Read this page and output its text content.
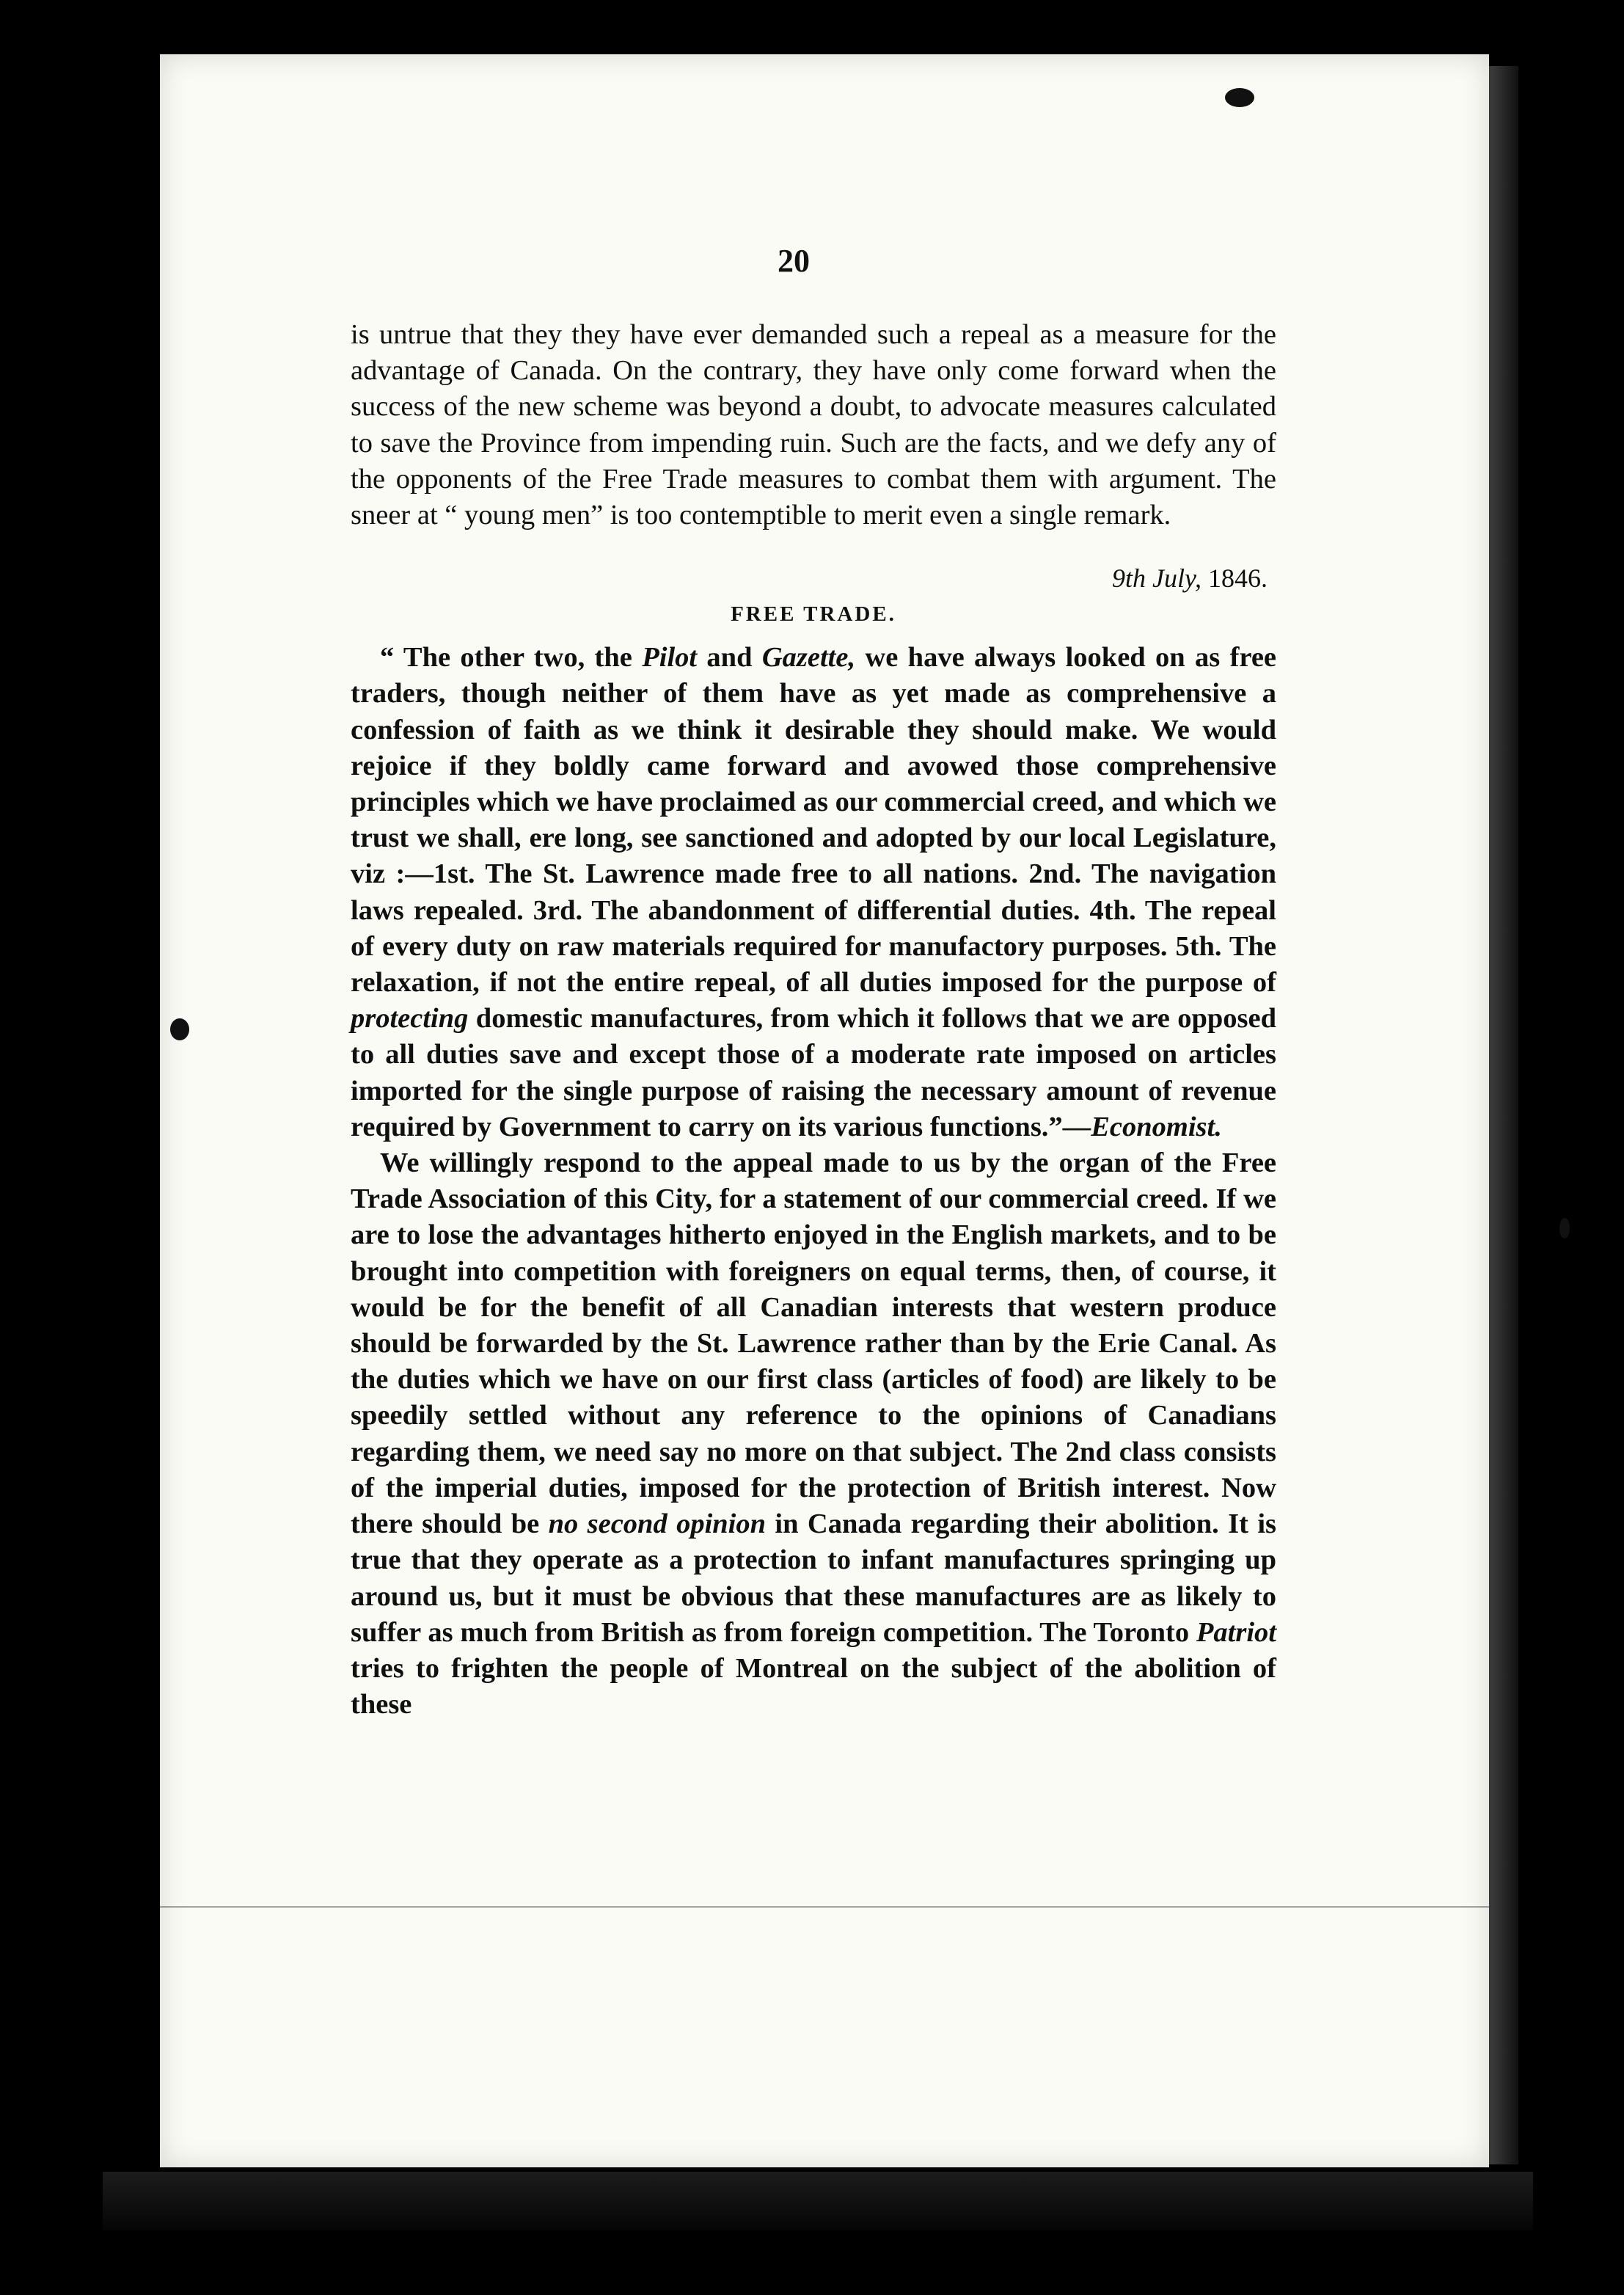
20

is untrue that they they have ever demanded such a repeal as a measure for the advantage of Canada. On the contrary, they have only come forward when the success of the new scheme was beyond a doubt, to advocate measures calculated to save the Province from impending ruin. Such are the facts, and we defy any of the opponents of the Free Trade measures to combat them with argument. The sneer at “ young men” is too contemptible to merit even a single remark.

9th July, 1846.
FREE TRADE.

“ The other two, the Pilot and Gazette, we have always looked on as free traders, though neither of them have as yet made as comprehensive a confession of faith as we think it desirable they should make. We would rejoice if they boldly came forward and avowed those comprehensive principles which we have proclaimed as our commercial creed, and which we trust we shall, ere long, see sanctioned and adopted by our local Legislature, viz :—1st. The St. Lawrence made free to all nations. 2nd. The navigation laws repealed. 3rd. The abandonment of differential duties. 4th. The repeal of every duty on raw materials required for manufactory purposes. 5th. The relaxation, if not the entire repeal, of all duties imposed for the purpose of protecting domestic manufactures, from which it follows that we are opposed to all duties save and except those of a moderate rate imposed on articles imported for the single purpose of raising the necessary amount of revenue required by Government to carry on its various functions.”—Economist.

We willingly respond to the appeal made to us by the organ of the Free Trade Association of this City, for a statement of our commercial creed. If we are to lose the advantages hitherto enjoyed in the English markets, and to be brought into competition with foreigners on equal terms, then, of course, it would be for the benefit of all Canadian interests that western produce should be forwarded by the St. Lawrence rather than by the Erie Canal. As the duties which we have on our first class (articles of food) are likely to be speedily settled without any reference to the opinions of Canadians regarding them, we need say no more on that subject. The 2nd class consists of the imperial duties, imposed for the protection of British interest. Now there should be no second opinion in Canada regarding their abolition. It is true that they operate as a protection to infant manufactures springing up around us, but it must be obvious that these manufactures are as likely to suffer as much from British as from foreign competition. The Toronto Patriot tries to frighten the people of Montreal on the subject of the abolition of these
